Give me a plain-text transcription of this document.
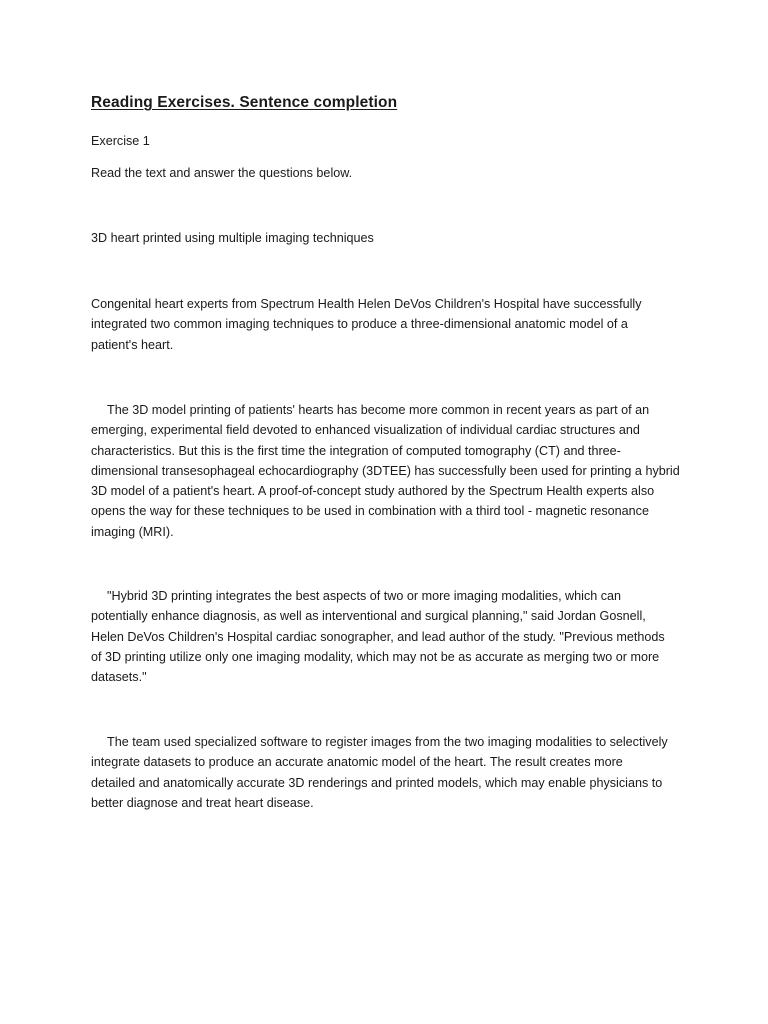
Reading Exercises. Sentence completion
Exercise 1
Read the text and answer the questions below.
3D heart printed using multiple imaging techniques
Congenital heart experts from Spectrum Health Helen DeVos Children's Hospital have successfully
integrated two common imaging techniques to produce a three-dimensional anatomic model of a
patient's heart.
The 3D model printing of patients' hearts has become more common in recent years as part of an
emerging, experimental field devoted to enhanced visualization of individual cardiac structures and
characteristics. But this is the first time the integration of computed tomography (CT) and three-
dimensional transesophageal echocardiography (3DTEE) has successfully been used for printing a hybrid
3D model of a patient's heart. A proof-of-concept study authored by the Spectrum Health experts also
opens the way for these techniques to be used in combination with a third tool - magnetic resonance
imaging (MRI).
"Hybrid 3D printing integrates the best aspects of two or more imaging modalities, which can
potentially enhance diagnosis, as well as interventional and surgical planning," said Jordan Gosnell,
Helen DeVos Children's Hospital cardiac sonographer, and lead author of the study. "Previous methods
of 3D printing utilize only one imaging modality, which may not be as accurate as merging two or more
datasets."
The team used specialized software to register images from the two imaging modalities to selectively
integrate datasets to produce an accurate anatomic model of the heart. The result creates more
detailed and anatomically accurate 3D renderings and printed models, which may enable physicians to
better diagnose and treat heart disease.
